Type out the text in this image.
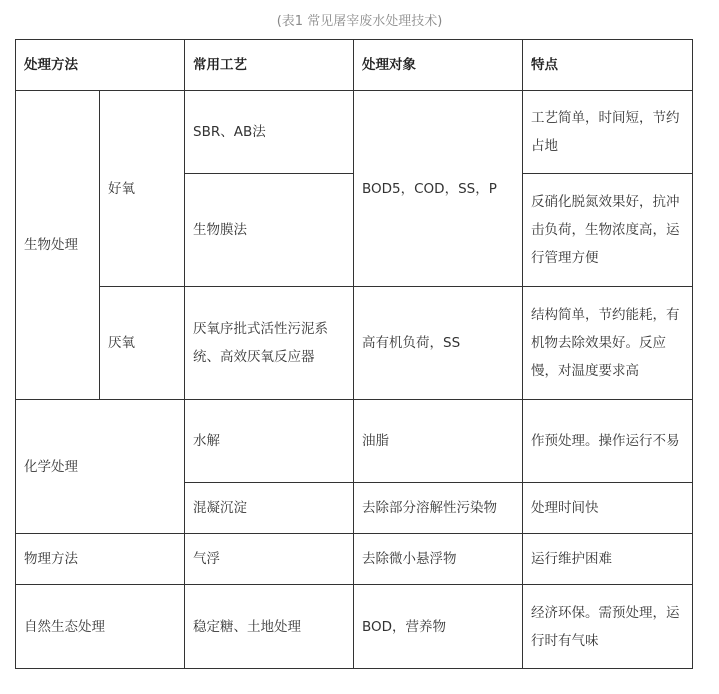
(表1 常见屠宰废水处理技术)
处理方法		常用工艺	处理对象	特点
生物处理	好氧	SBR、AB法	BOD5，COD，SS，P	工艺简单，时间短，节约占地
		生物膜法		反硝化脱氮效果好，抗冲击负荷，生物浓度高，运行管理方便
	厌氧	厌氧序批式活性污泥系统、高效厌氧反应器	高有机负荷，SS	结构简单，节约能耗，有机物去除效果好。反应慢，对温度要求高
化学处理		水解	油脂	作预处理。操作运行不易
		混凝沉淀	去除部分溶解性污染物	处理时间快
物理方法		气浮	去除微小悬浮物	运行维护困难
自然生态处理		稳定糖、土地处理	BOD，营养物	经济环保。需预处理，运行时有气味
